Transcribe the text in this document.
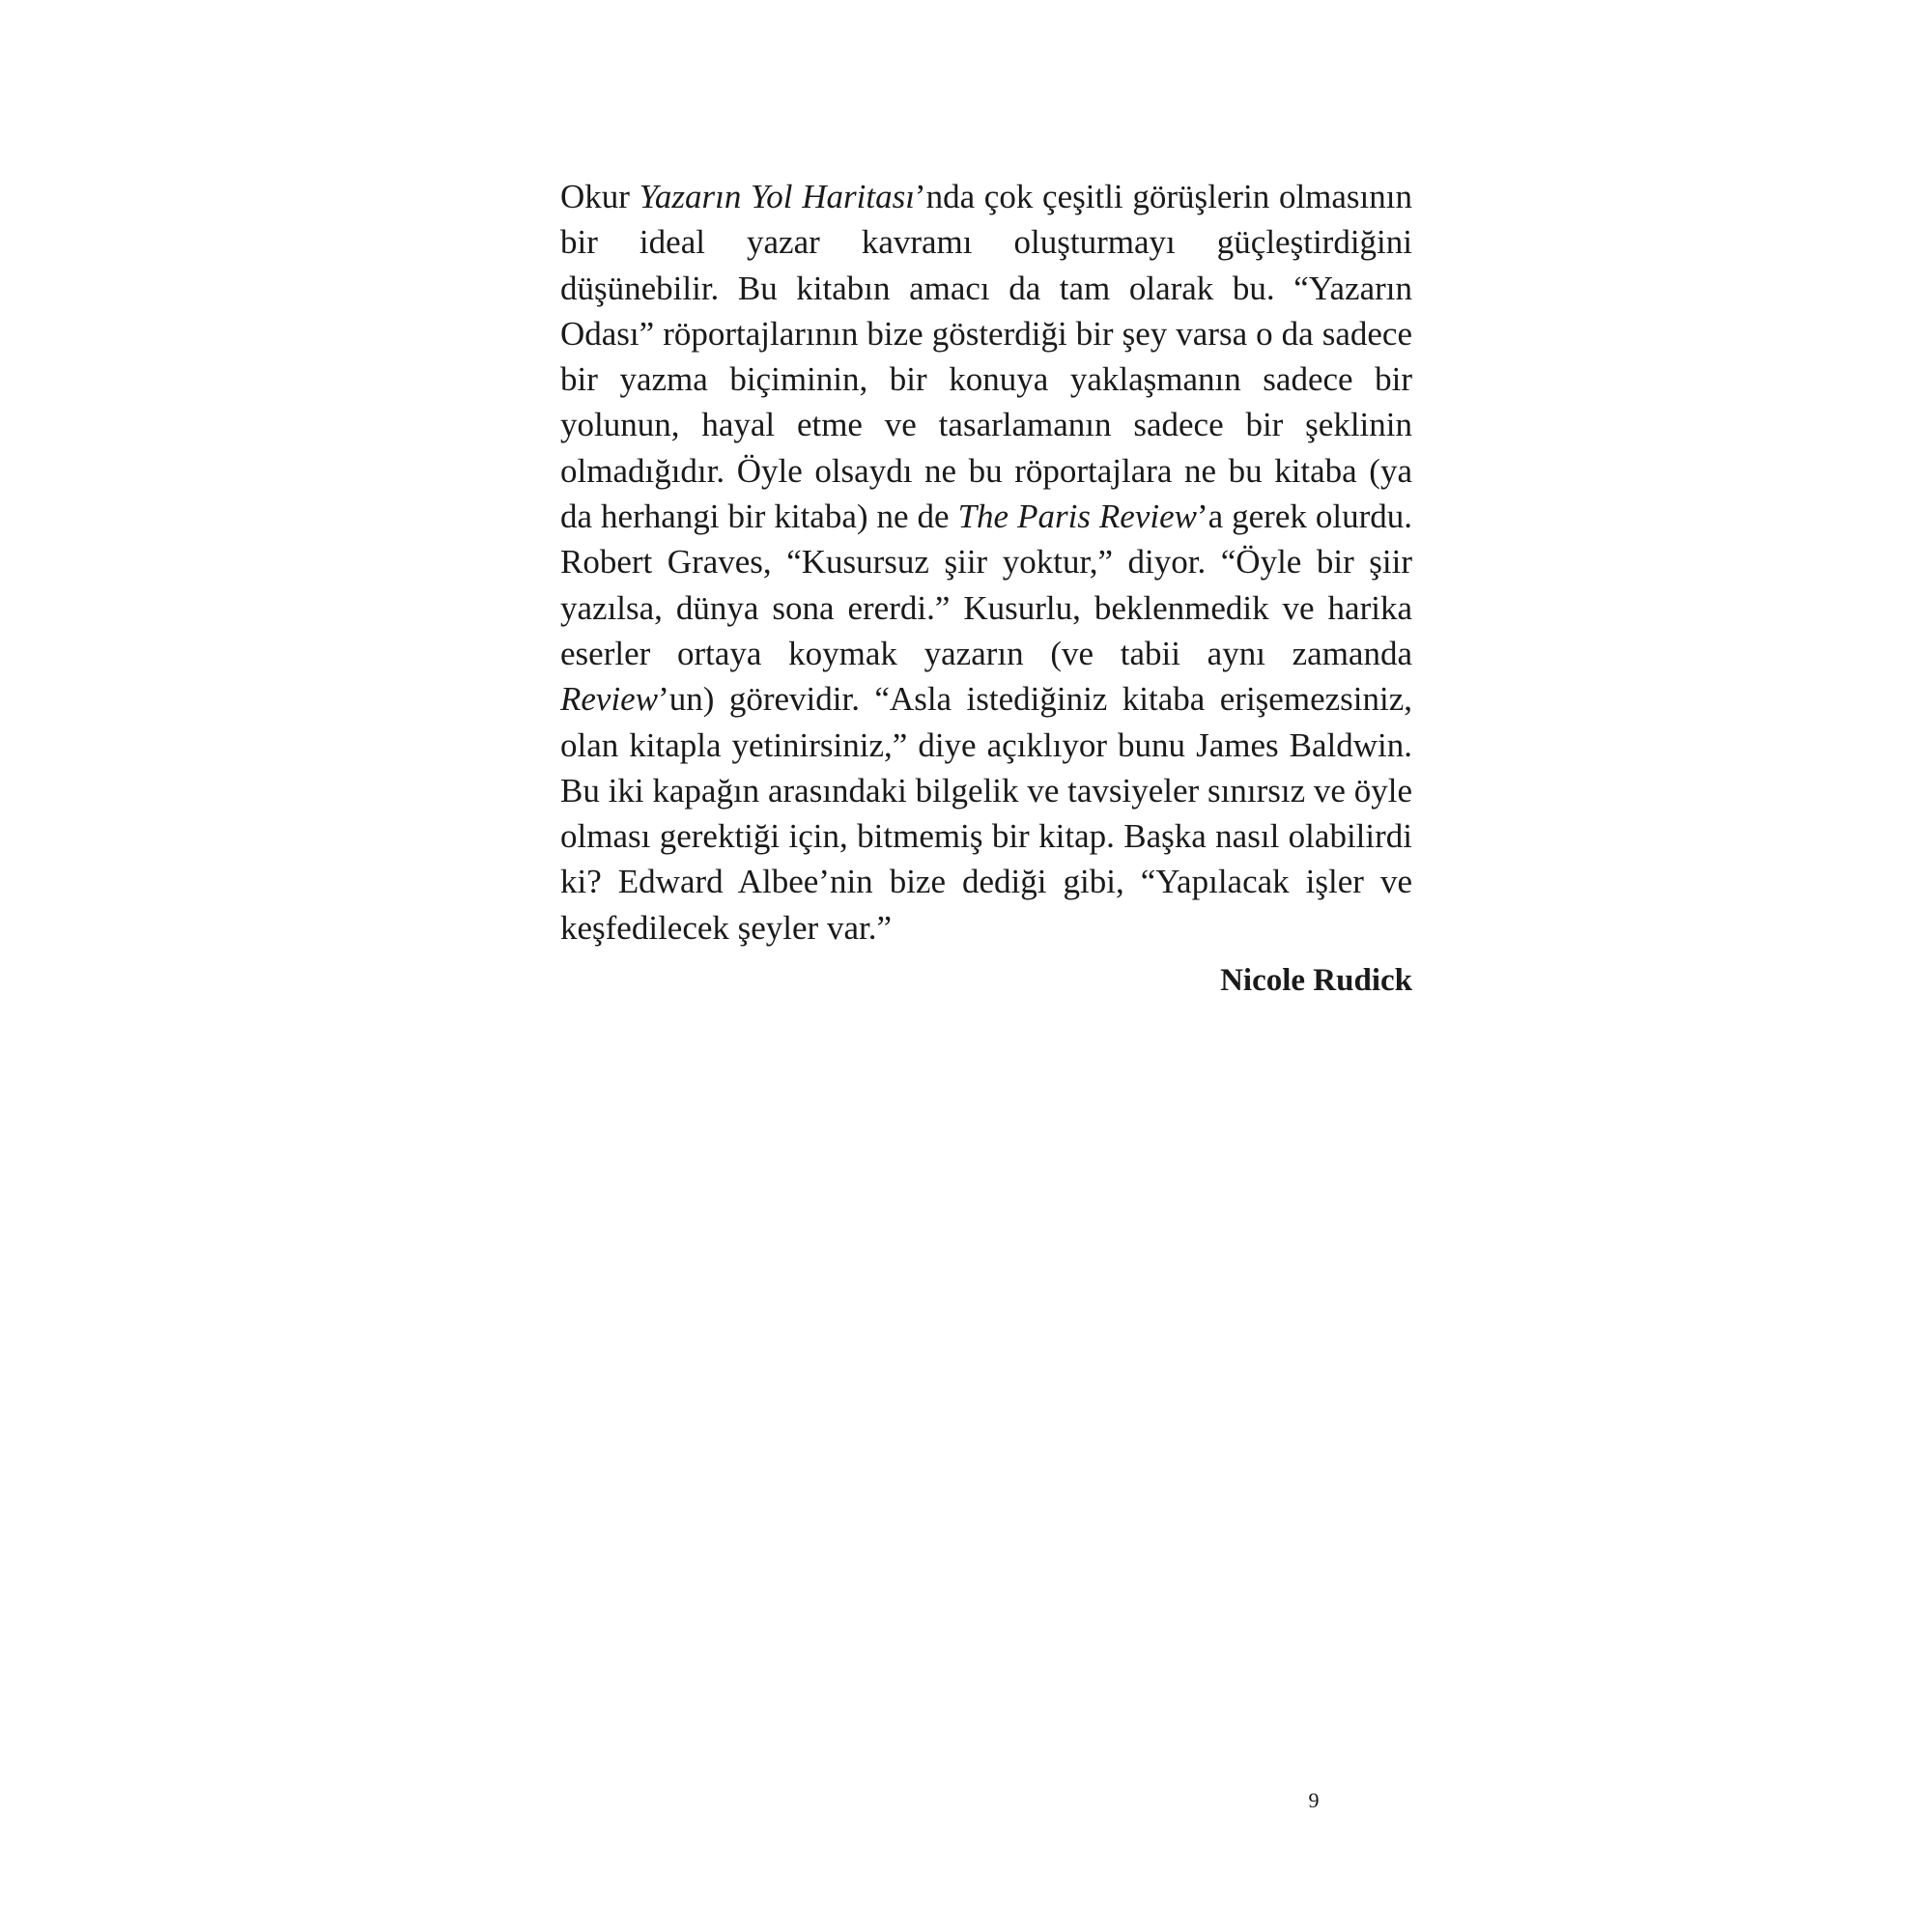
Okur Yazarın Yol Haritası’nda çok çeşitli görüşlerin olmasının bir ideal yazar kavramı oluşturmayı güçleştirdiğini düşünebilir. Bu kitabın amacı da tam olarak bu. “Yazarın Odası” röportajlarının bize gösterdiği bir şey varsa o da sadece bir yazma biçiminin, bir konuya yaklaşmanın sadece bir yolunun, hayal etme ve tasarlamanın sadece bir şeklinin olmadığıdır. Öyle olsaydı ne bu röportajlara ne bu kitaba (ya da herhangi bir kitaba) ne de The Paris Review’a gerek olurdu. Robert Graves, “Kusursuz şiir yoktur,” diyor. “Öyle bir şiir yazılsa, dünya sona ererdi.” Kusurlu, beklenmedik ve harika eserler ortaya koymak yazarın (ve tabii aynı zamanda Review’un) görevidir. “Asla istediğiniz kitaba erişemezsiniz, olan kitapla yetinirsiniz,” diye açıklıyor bunu James Baldwin. Bu iki kapağın arasındaki bilgelik ve tavsiyeler sınırsız ve öyle olması gerektiği için, bitmemiş bir kitap. Başka nasıl olabilirdi ki? Edward Albee’nin bize dediği gibi, “Yapılacak işler ve keşfedilecek şeyler var.”

Nicole Rudick

9
